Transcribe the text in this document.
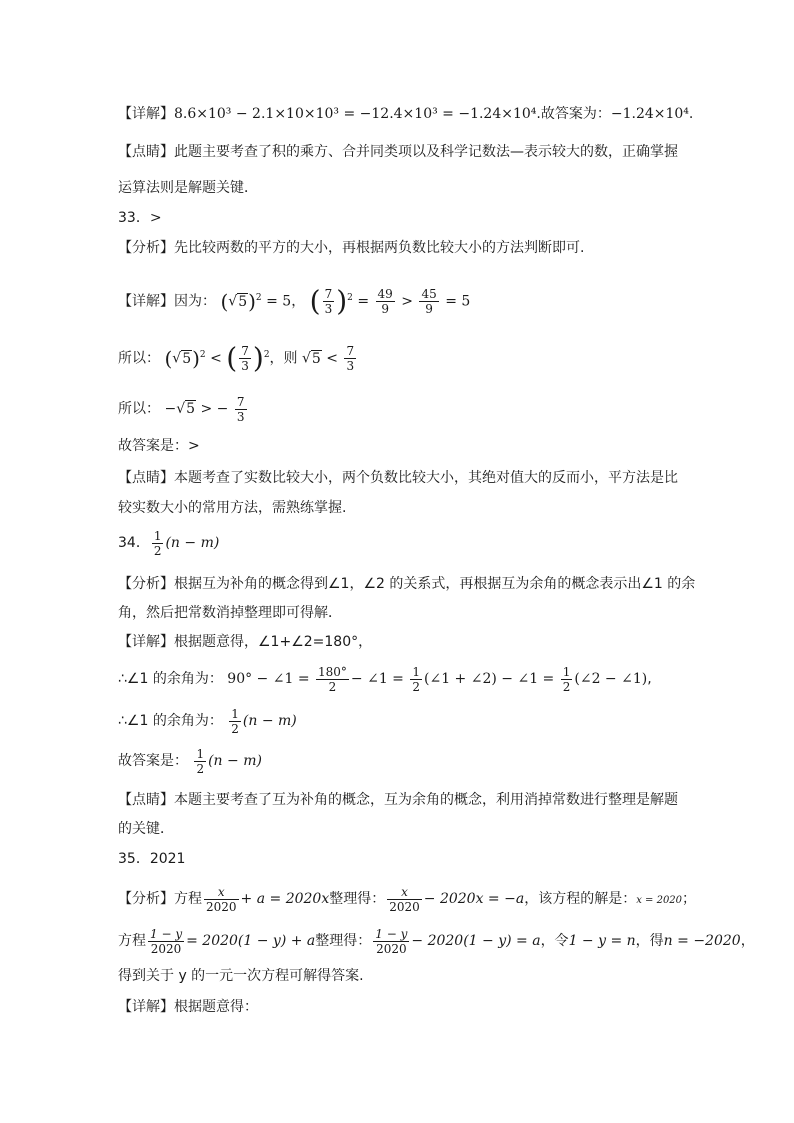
【详解】8.6×10³ − 2.1×10×10³ = −12.4×10³ = −1.24×10⁴.故答案为：−1.24×10⁴.
【点睛】此题主要考查了积的乘方、合并同类项以及科学记数法—表示较大的数，正确掌握
运算法则是解题关键．
33．>
【分析】先比较两数的平方的大小，再根据两负数比较大小的方法判断即可.
【详解】因为： $(√5)^2 = 5$， ( $\frac{7}{3} )^2 = \frac{49}{9} > \frac{45}{9} = 5$
所以： $(√5)^2$ < ( $\frac{7}{3} )^2$，则 $√5 < \frac{7}{3}$
所以： −√5 > − $\frac{7}{3}$
故答案是：>
【点睛】本题考查了实数比较大小，两个负数比较大小，其绝对值大的反而小，平方法是比
较实数大小的常用方法，需熟练掌握.
34． $\frac{1}{2} (n - m)$
【分析】根据互为补角的概念得到∠1，∠2 的关系式，再根据互为余角的概念表示出∠1 的余
角，然后把常数消掉整理即可得解．
【详解】根据题意得，∠1+∠2=180°，
∴∠1 的余角为： 90° − ∠1 = $\frac{180^\circ}{2}$ − ∠1 = $\frac{1}{2}$ (∠1 + ∠2) − ∠1 = $\frac{1}{2}$ (∠2 − ∠1),
∴∠1 的余角为： $\frac{1}{2} (n - m)$
故答案是： $\frac{1}{2} (n - m)$
【点睛】本题主要考查了互为补角的概念，互为余角的概念，利用消掉常数进行整理是解题
的关键．
35．2021
【分析】方程 $\frac{x}{2020} + a = 2020x$整理得： $\frac{x}{2020} - 2020x = -a$，该方程的解是：x = 2020；
方程 $\frac{1 - y}{2020} = 2020(1 - y) + a$整理得： $\frac{1 - y}{2020} - 2020(1 - y) = a$，令1 − y = n，得n = −2020，
得到关于 y 的一元一次方程可解得答案.
【详解】根据题意得：
